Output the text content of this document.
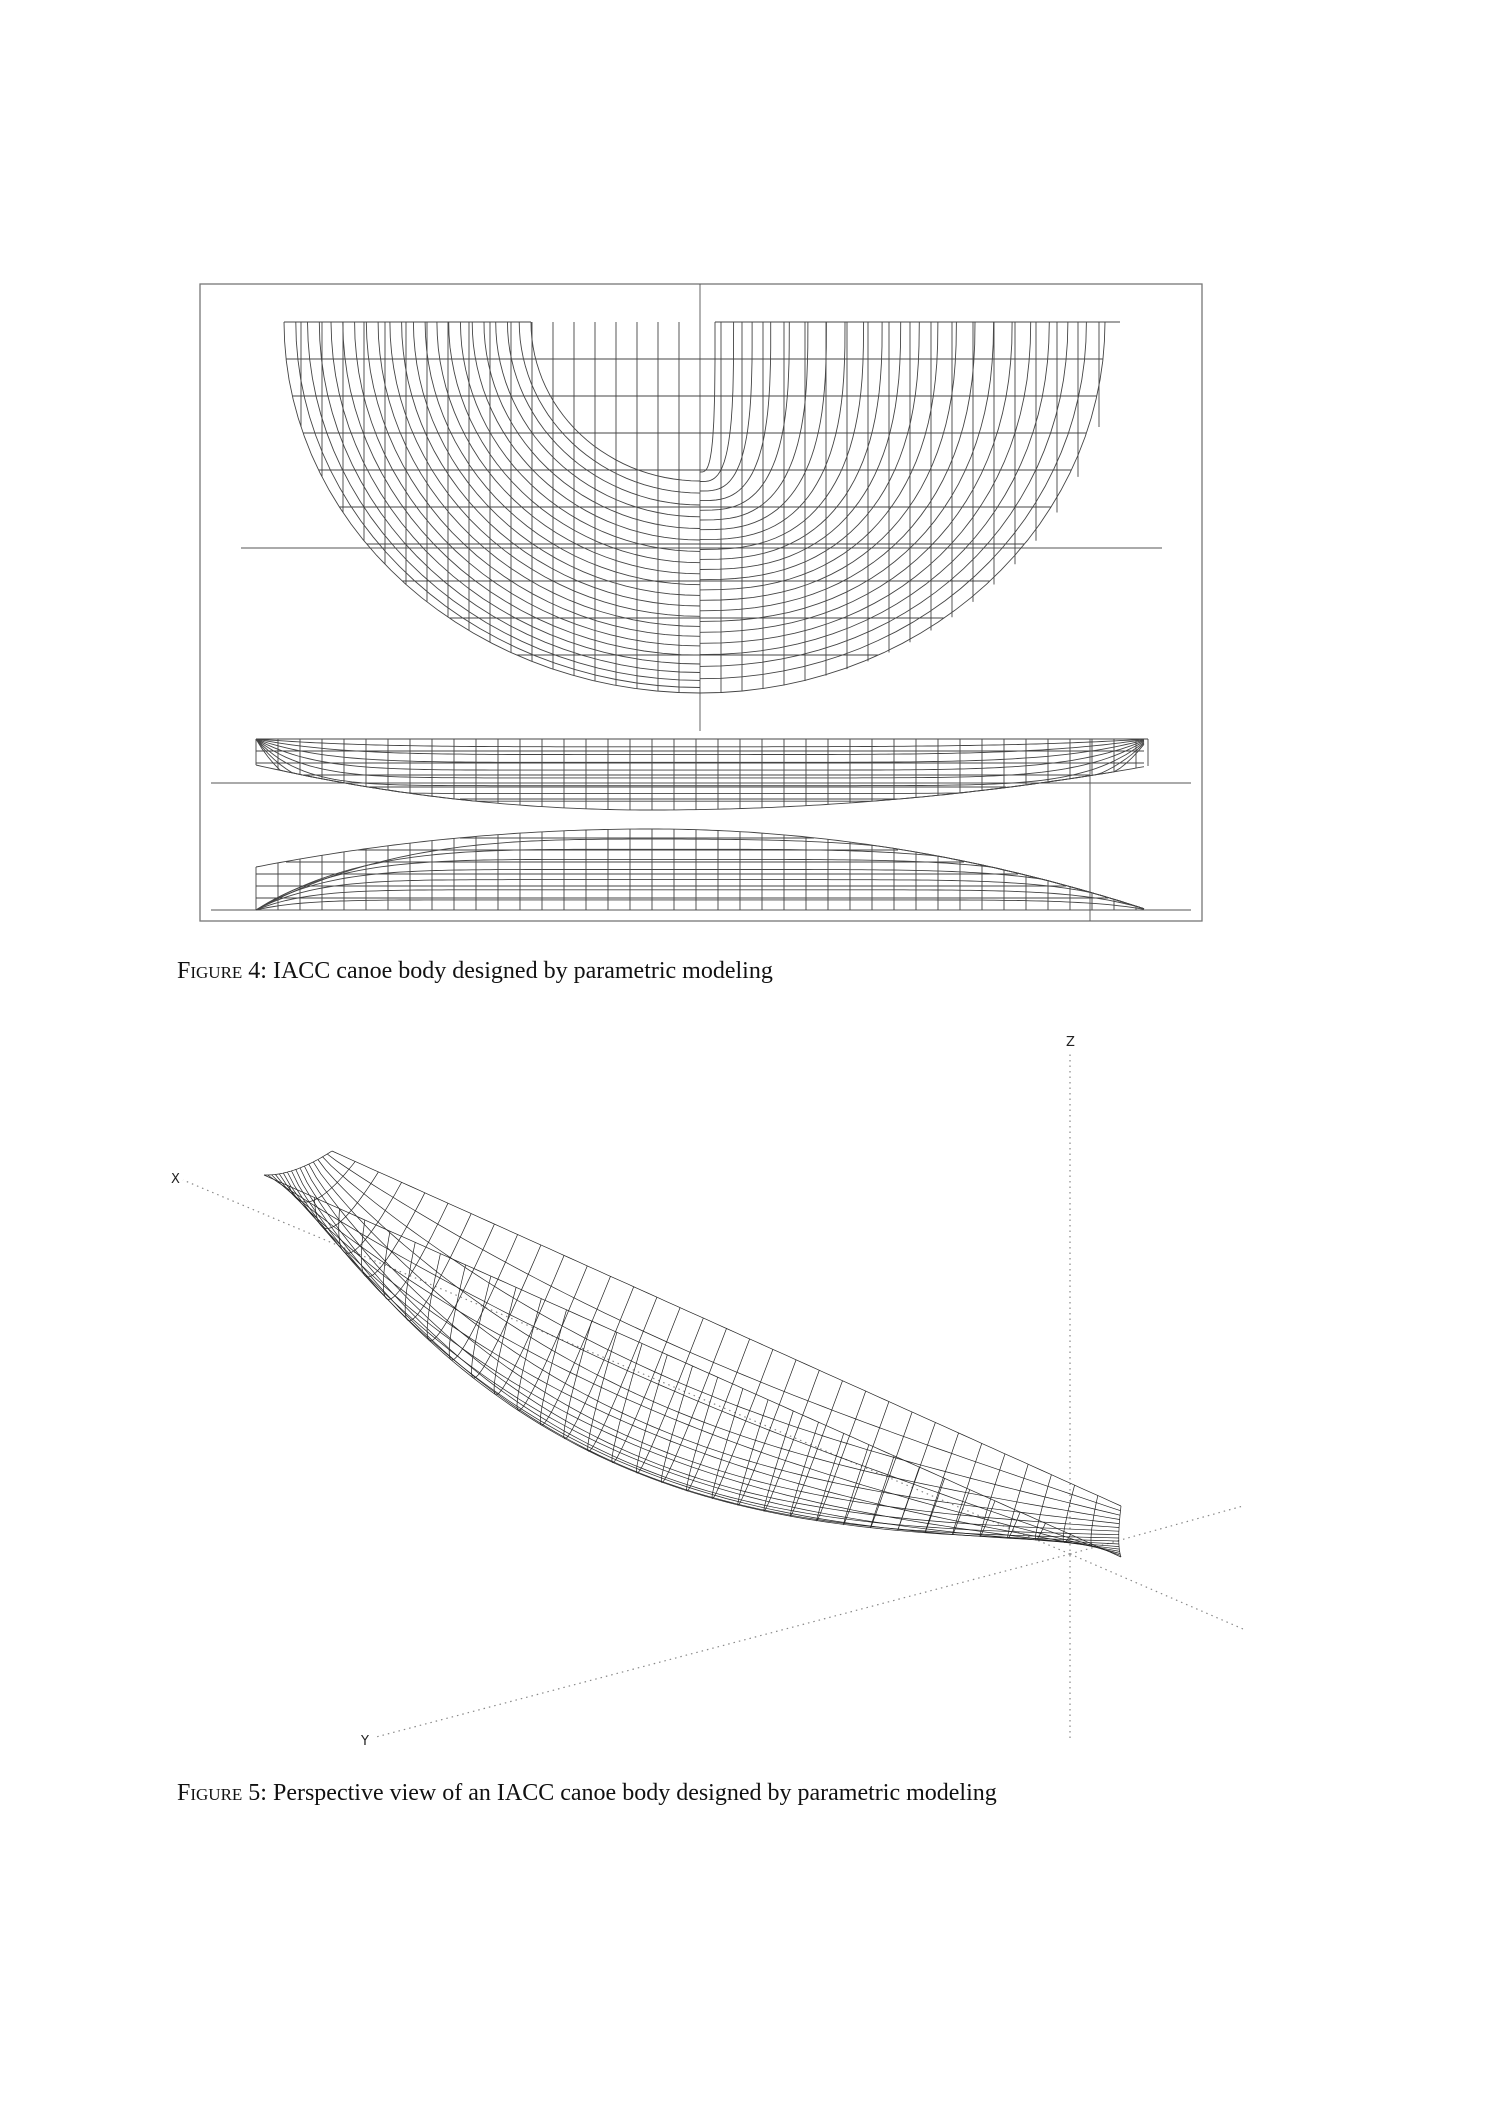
Figure 4: IACC canoe body designed by parametric modeling
X
Y
Z
Figure 5: Perspective view of an IACC canoe body designed by parametric modeling
